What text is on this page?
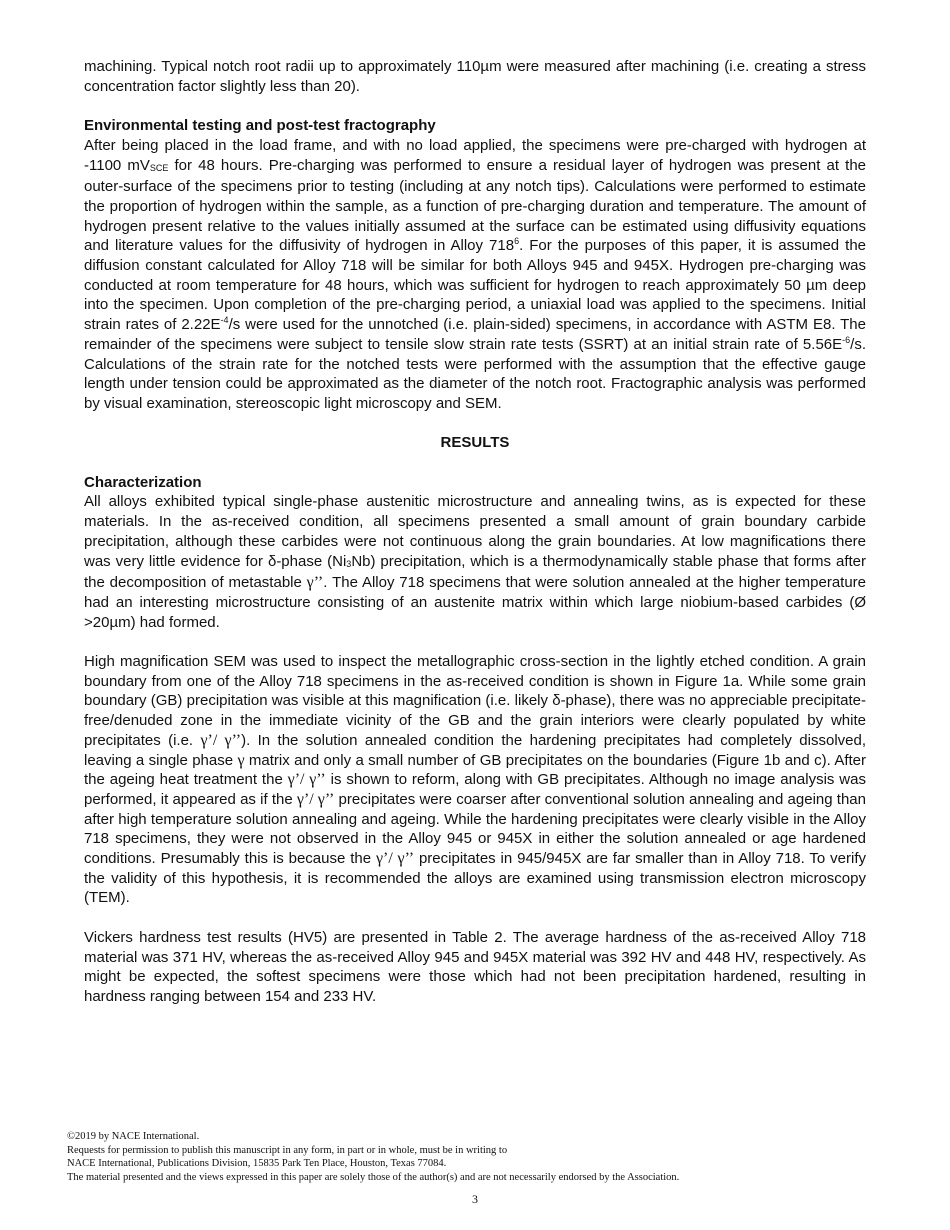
machining. Typical notch root radii up to approximately 110µm were measured after machining (i.e. creating a stress concentration factor slightly less than 20).

Environmental testing and post-test fractography

After being placed in the load frame, and with no load applied, the specimens were pre-charged with hydrogen at -1100 mVSCE for 48 hours. Pre-charging was performed to ensure a residual layer of hydrogen was present at the outer-surface of the specimens prior to testing (including at any notch tips). Calculations were performed to estimate the proportion of hydrogen within the sample, as a function of pre-charging duration and temperature. The amount of hydrogen present relative to the values initially assumed at the surface can be estimated using diffusivity equations and literature values for the diffusivity of hydrogen in Alloy $718^6$. For the purposes of this paper, it is assumed the diffusion constant calculated for Alloy 718 will be similar for both Alloys 945 and 945X. Hydrogen pre-charging was conducted at room temperature for 48 hours, which was sufficient for hydrogen to reach approximately 50 µm deep into the specimen. Upon completion of the pre-charging period, a uniaxial load was applied to the specimens. Initial strain rates of $2.22E^{-4}/s$ were used for the unnotched (i.e. plain-sided) specimens, in accordance with ASTM E8. The remainder of the specimens were subject to tensile slow strain rate tests (SSRT) at an initial strain rate of $5.56E^{-6}/s$. Calculations of the strain rate for the notched tests were performed with the assumption that the effective gauge length under tension could be approximated as the diameter of the notch root. Fractographic analysis was performed by visual examination, stereoscopic light microscopy and SEM.

RESULTS

Characterization

All alloys exhibited typical single-phase austenitic microstructure and annealing twins, as is expected for these materials. In the as-received condition, all specimens presented a small amount of grain boundary carbide precipitation, although these carbides were not continuous along the grain boundaries. At low magnifications there was very little evidence for δ-phase (Ni3Nb) precipitation, which is a thermodynamically stable phase that forms after the decomposition of metastable γ’’. The Alloy 718 specimens that were solution annealed at the higher temperature had an interesting microstructure consisting of an austenite matrix within which large niobium-based carbides (Ø >20µm) had formed.

High magnification SEM was used to inspect the metallographic cross-section in the lightly etched condition. A grain boundary from one of the Alloy 718 specimens in the as-received condition is shown in Figure 1a. While some grain boundary (GB) precipitation was visible at this magnification (i.e. likely δ-phase), there was no appreciable precipitate-free/denuded zone in the immediate vicinity of the GB and the grain interiors were clearly populated by white precipitates (i.e. γ’/ γ’’). In the solution annealed condition the hardening precipitates had completely dissolved, leaving a single phase γ matrix and only a small number of GB precipitates on the boundaries (Figure 1b and c). After the ageing heat treatment the γ’/ γ’’ is shown to reform, along with GB precipitates. Although no image analysis was performed, it appeared as if the γ’/ γ’’ precipitates were coarser after conventional solution annealing and ageing than after high temperature solution annealing and ageing. While the hardening precipitates were clearly visible in the Alloy 718 specimens, they were not observed in the Alloy 945 or 945X in either the solution annealed or age hardened conditions. Presumably this is because the γ’/ γ’’ precipitates in 945/945X are far smaller than in Alloy 718. To verify the validity of this hypothesis, it is recommended the alloys are examined using transmission electron microscopy (TEM).

Vickers hardness test results (HV5) are presented in Table 2. The average hardness of the as-received Alloy 718 material was 371 HV, whereas the as-received Alloy 945 and 945X material was 392 HV and 448 HV, respectively. As might be expected, the softest specimens were those which had not been precipitation hardened, resulting in hardness ranging between 154 and 233 HV.

©2019 by NACE International.
Requests for permission to publish this manuscript in any form, in part or in whole, must be in writing to
NACE International, Publications Division, 15835 Park Ten Place, Houston, Texas 77084.
The material presented and the views expressed in this paper are solely those of the author(s) and are not necessarily endorsed by the Association.
3
